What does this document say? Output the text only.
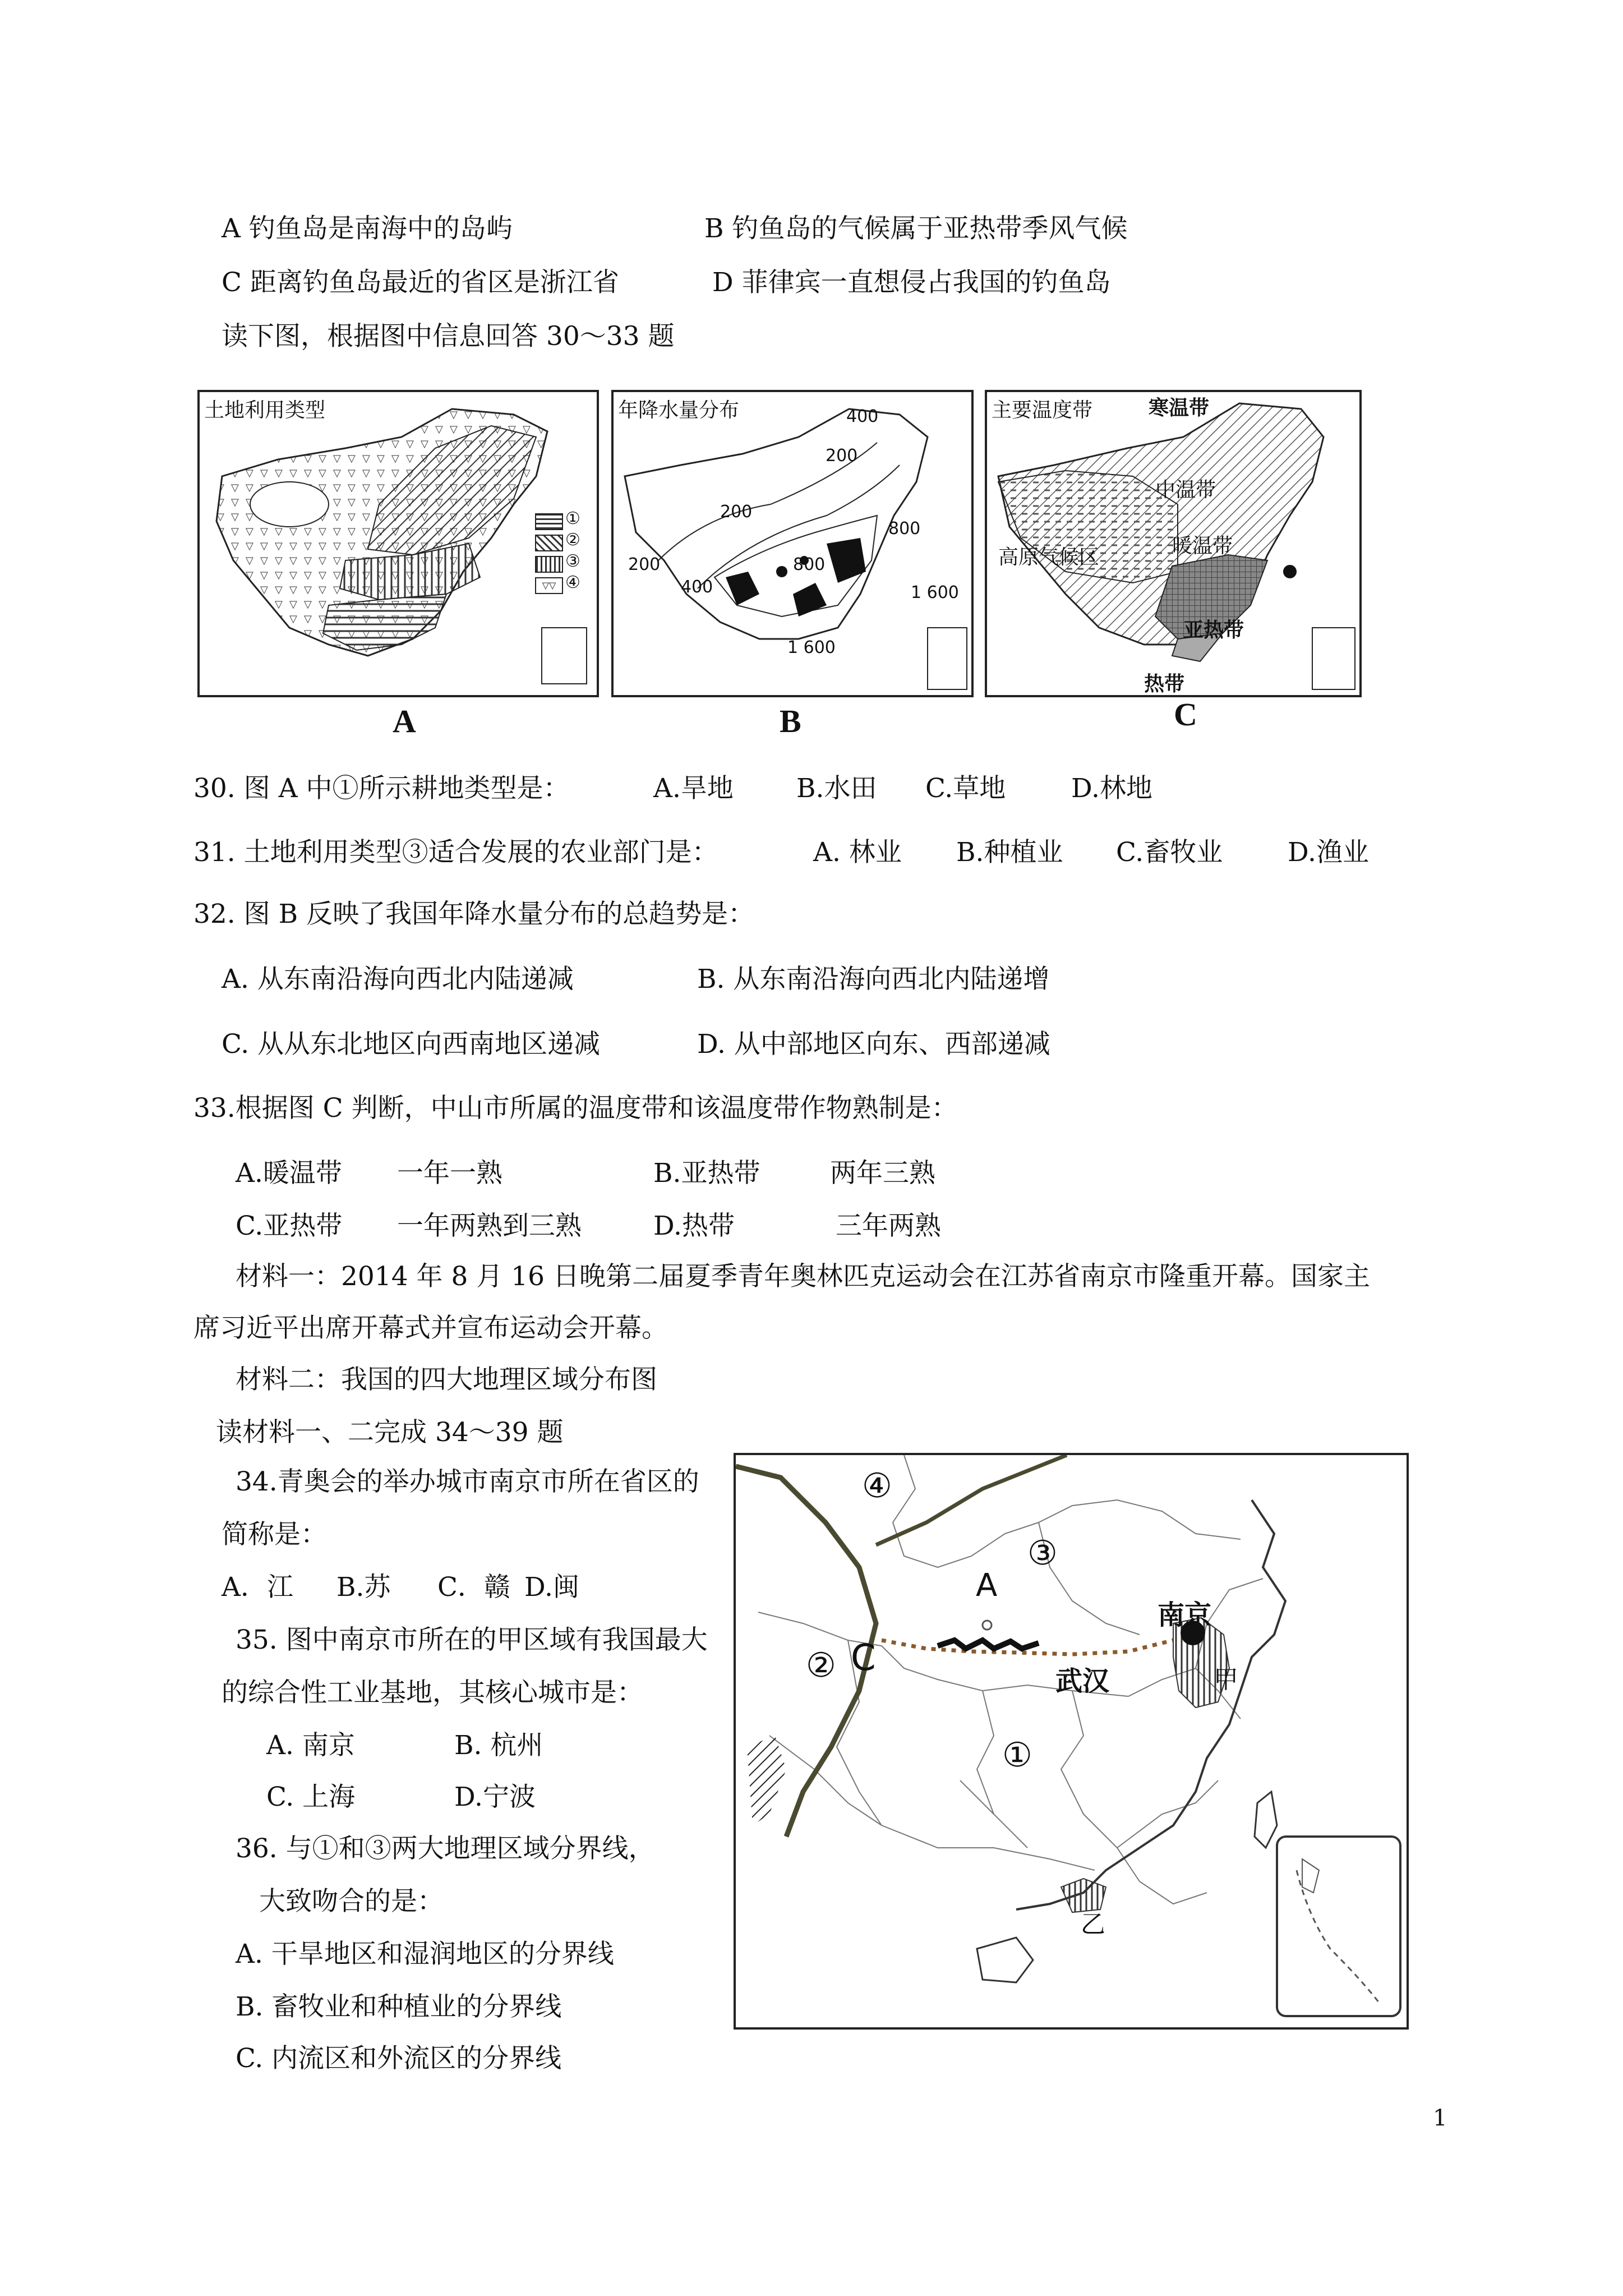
A 钓鱼岛是南海中的岛屿	B 钓鱼岛的气候属于亚热带季风气候
C 距离钓鱼岛最近的省区是浙江省	D 菲律宾一直想侵占我国的钓鱼岛
读下图，根据图中信息回答 30～33 题
土地利用类型
①
②
③
▽▽ ④
A
年降水量分布	400
200
200
200
400
800
800
1 600
1 600
B
主要温度带	寒温带
中温带
暖温带
高原气候区
亚热带
热带
C
30. 图 A 中①所示耕地类型是：	A.旱地 B.水田 C.草地 D.林地
31. 土地利用类型③适合发展的农业部门是：	A. 林业 B.种植业 C.畜牧业 D.渔业
32. 图 B 反映了我国年降水量分布的总趋势是：
A. 从东南沿海向西北内陆递减	B. 从东南沿海向西北内陆递增
C. 从从东北地区向西南地区递减	D. 从中部地区向东、西部递减
33.根据图 C 判断，中山市所属的温度带和该温度带作物熟制是：
A.暖温带 一年一熟	B.亚热带	两年三熟
C.亚热带 一年两熟到三熟	D.热带	三年两熟
材料一：2014 年 8 月 16 日晚第二届夏季青年奥林匹克运动会在江苏省南京市隆重开幕。国家主
席习近平出席开幕式并宣布运动会开幕。
材料二：我国的四大地理区域分布图
读材料一、二完成 34～39 题
34.青奥会的举办城市南京市所在省区的
简称是：
A．江 B.苏 C．赣 D.闽
35. 图中南京市所在的甲区域有我国最大
的综合性工业基地，其核心城市是：
A. 南京	B. 杭州
C. 上海	D.宁波
36. 与①和③两大地理区域分界线，
大致吻合的是：
A. 干旱地区和湿润地区的分界线
B. 畜牧业和种植业的分界线
C. 内流区和外流区的分界线
④
③
②
①
A
C
南京
武汉	甲
乙
1
